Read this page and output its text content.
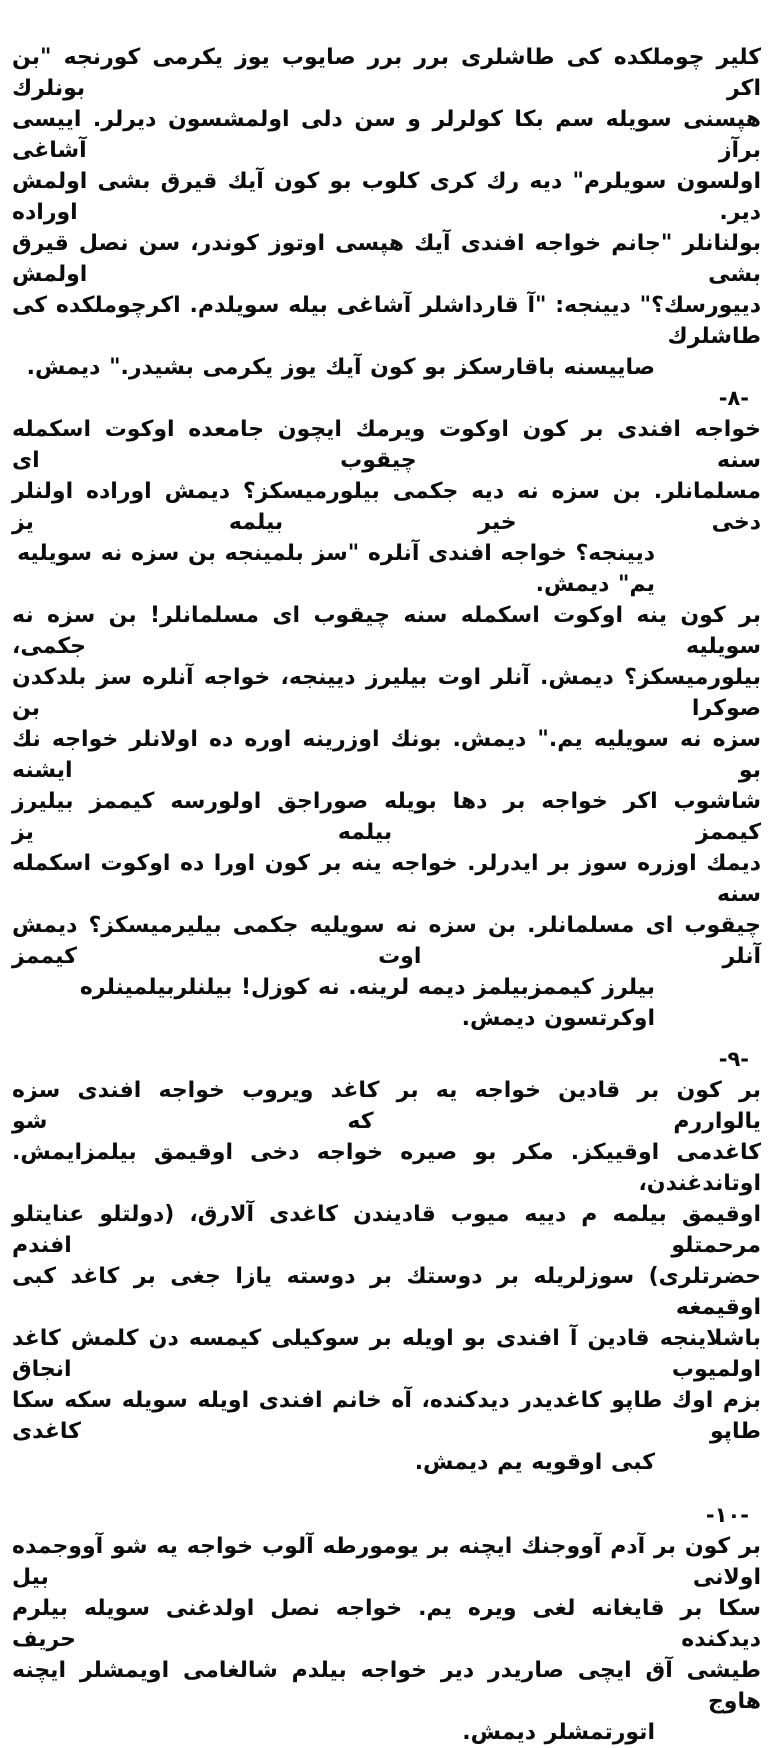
كلير چوملكده كى طاشلرى برر برر صايوب يوز يكرمى كورنجه "بن اكر بونلرك
هپسنى سويله سم بكا كولرلر و سن دلى اولمشسون ديرلر. اييسى برآز آشاغى
اولسون سويلرم" ديه رك كرى كلوب بو كون آيك قيرق بشى اولمش دير. اوراده
بولنانلر "جانم خواجه افندى آيك هپسى اوتوز كوندر، سن نصل قيرق بشى اولمش
دييورسك؟" ديينجه: "آ قارداشلر آشاغى بيله سويلدم. اكرچوملكده كى طاشلرك
صاييسنه باقارسكز بو كون آيك يوز يكرمى بشيدر." ديمش.
-٨-
خواجه افندى بر كون اوكوت ويرمك ايچون جامعده اوكوت اسكمله سنه چيقوب اى
مسلمانلر. بن سزه نه ديه جكمى بيلورميسكز؟ ديمش اوراده اولنلر دخى خير بيلمه يز
ديينجه؟ خواجه افندى آنلره "سز بلمينجه بن سزه نه سويليه يم" ديمش.
بر كون ينه اوكوت اسكمله سنه چيقوب اى مسلمانلر! بن سزه نه سويليه جكمى،
بيلورميسكز؟ ديمش. آنلر اوت بيليرز ديينجه، خواجه آنلره سز بلدكدن صوكرا بن
سزه نه سويليه يم." ديمش. بونك اوزرينه اوره ده اولانلر خواجه نك بو ايشنه
شاشوب اكر خواجه بر دها بويله صوراجق اولورسه كيممز بيليرز كيممز بيلمه يز
ديمك اوزره سوز بر ايدرلر. خواجه ينه بر كون اورا ده اوكوت اسكمله سنه
چيقوب اى مسلمانلر. بن سزه نه سويليه جكمى بيليرميسكز؟ ديمش آنلر اوت كيممز
بيلرز كيممزبيلمز ديمه لرينه. نه كوزل! بيلنلربيلمينلره اوكرتسون ديمش.
-٩-
بر كون بر قادين خواجه يه بر كاغد ويروب خواجه افندى سزه يالواررم كه شو
كاغدمى اوقييكز. مكر بو صيره خواجه دخى اوقيمق بيلمزايمش. اوتاندغندن،
اوقيمق بيلمه م دييه ميوب قاديندن كاغدى آلارق، (دولتلو عنايتلو مرحمتلو افندم
حضرتلرى) سوزلريله بر دوستك بر دوسته يازا جغى بر كاغد كبى اوقيمغه
باشلاينجه قادين آ افندى بو اويله بر سوكيلى كيمسه دن كلمش كاغد اولميوب انجاق
بزم اوك طاپو كاغديدر ديدكنده، آه خانم افندى اويله سويله سكه سكا طاپو كاغدى
كبى اوقويه يم ديمش.
-١٠-
بر كون بر آدم آووجنك ايچنه بر يومورطه آلوب خواجه يه شو آووجمده اولانى بيل
سكا بر قايغانه لغى ويره يم. خواجه نصل اولدغنى سويله بيلرم ديدكنده حريف
طيشى آق ايچى صاريدر دير خواجه بيلدم شالغامى اويمشلر ايچنه هاوج
اتورتمشلر ديمش.
